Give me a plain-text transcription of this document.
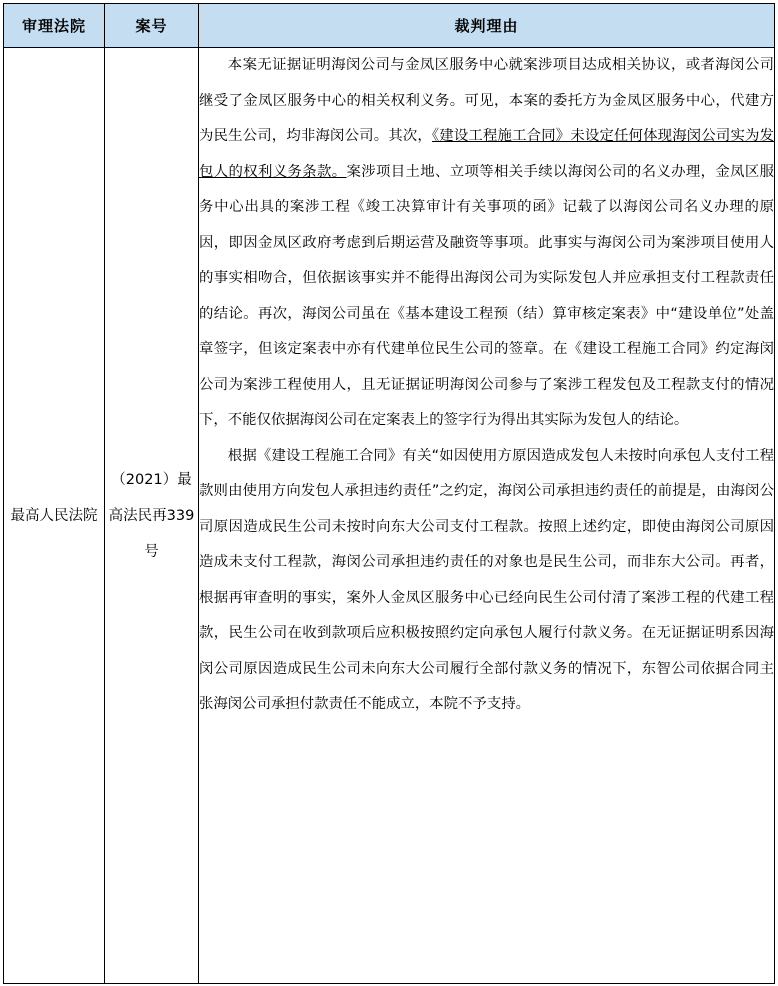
审理法院	案号	裁判理由
最高人民法院	（2021）最高法民再339号	本案无证据证明海闵公司与金凤区服务中心就案涉项目达成相关协议，或者海闵公司继受了金凤区服务中心的相关权利义务。可见，本案的委托方为金凤区服务中心，代建方为民生公司，均非海闵公司。其次，《建设工程施工合同》未设定任何体现海闵公司实为发包人的权利义务条款。案涉项目土地、立项等相关手续以海闵公司的名义办理，金凤区服务中心出具的案涉工程《竣工决算审计有关事项的函》记载了以海闵公司名义办理的原因，即因金凤区政府考虑到后期运营及融资等事项。此事实与海闵公司为案涉项目使用人的事实相吻合，但依据该事实并不能得出海闵公司为实际发包人并应承担支付工程款责任的结论。再次，海闵公司虽在《基本建设工程预（结）算审核定案表》中“建设单位”处盖章签字，但该定案表中亦有代建单位民生公司的签章。在《建设工程施工合同》约定海闵公司为案涉工程使用人，且无证据证明海闵公司参与了案涉工程发包及工程款支付的情况下，不能仅依据海闵公司在定案表上的签字行为得出其实际为发包人的结论。

根据《建设工程施工合同》有关“如因使用方原因造成发包人未按时向承包人支付工程款则由使用方向发包人承担违约责任”之约定，海闵公司承担违约责任的前提是，由海闵公司原因造成民生公司未按时向东大公司支付工程款。按照上述约定，即使由海闵公司原因造成未支付工程款，海闵公司承担违约责任的对象也是民生公司，而非东大公司。再者，根据再审查明的事实，案外人金凤区服务中心已经向民生公司付清了案涉工程的代建工程款，民生公司在收到款项后应积极按照约定向承包人履行付款义务。在无证据证明系因海闵公司原因造成民生公司未向东大公司履行全部付款义务的情况下，东智公司依据合同主张海闵公司承担付款责任不能成立，本院不予支持。
